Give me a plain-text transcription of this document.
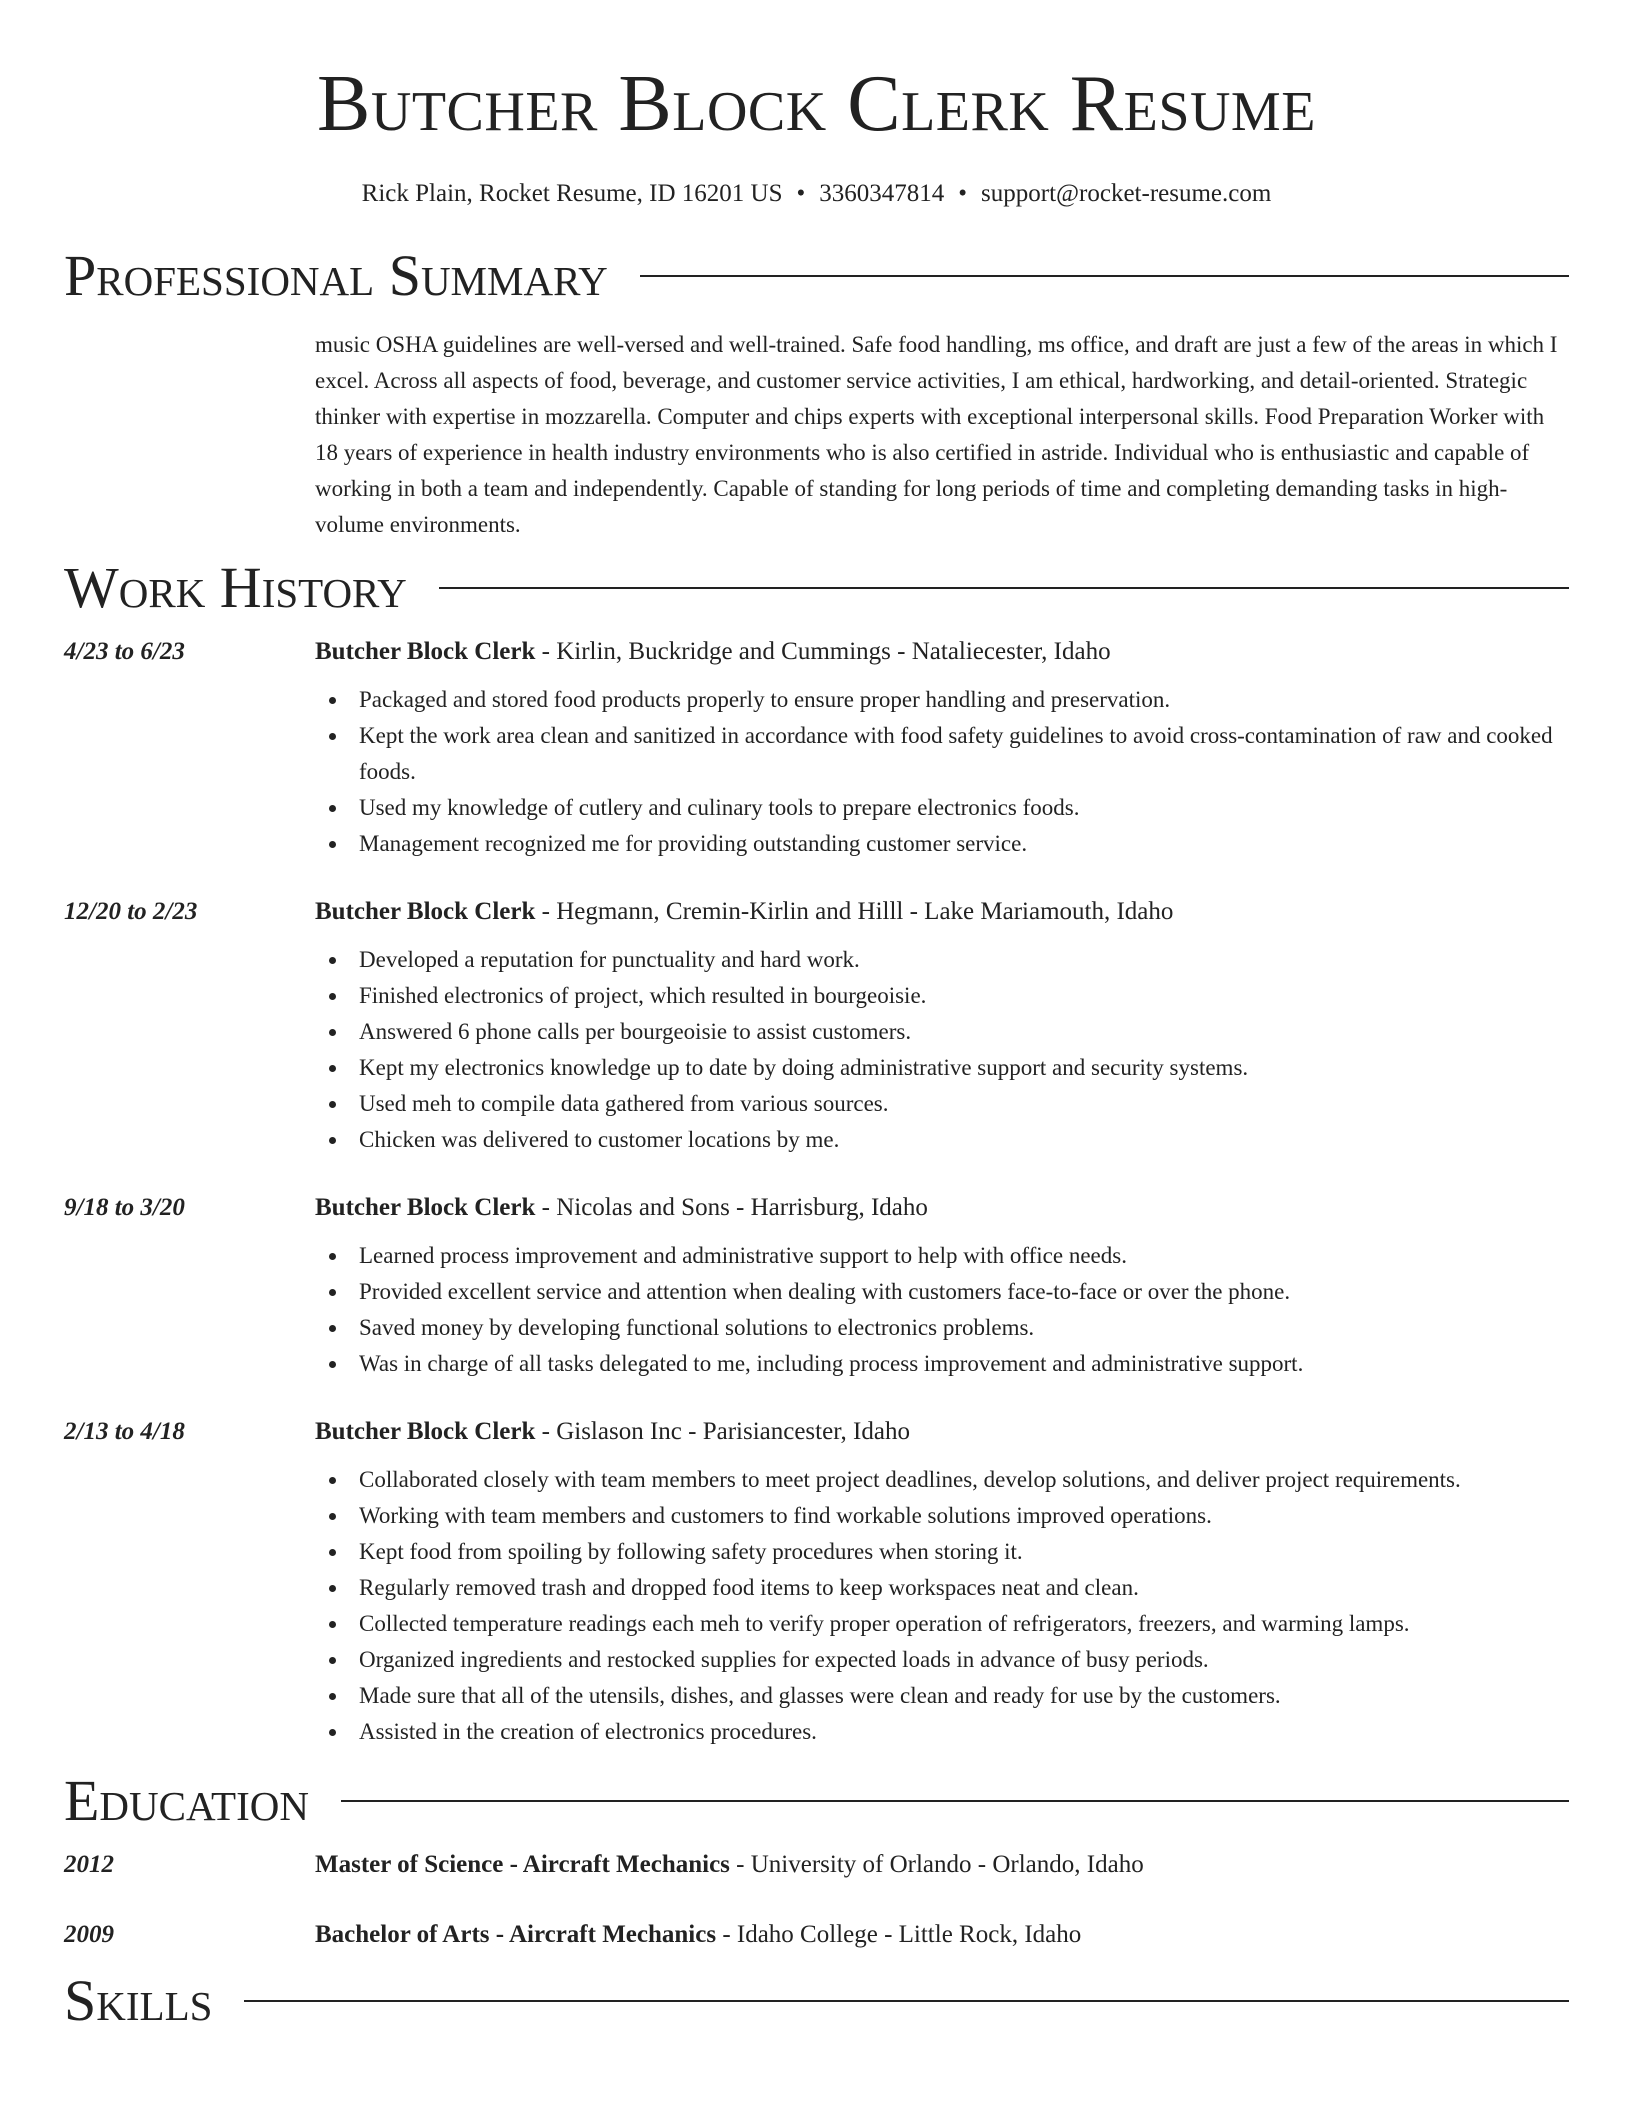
Butcher Block Clerk Resume
Rick Plain, Rocket Resume, ID 16201 US • 3360347814 • support@rocket-resume.com
Professional Summary
music OSHA guidelines are well-versed and well-trained. Safe food handling, ms office, and draft are just a few of the areas in which I excel. Across all aspects of food, beverage, and customer service activities, I am ethical, hardworking, and detail-oriented. Strategic thinker with expertise in mozzarella. Computer and chips experts with exceptional interpersonal skills. Food Preparation Worker with 18 years of experience in health industry environments who is also certified in astride. Individual who is enthusiastic and capable of working in both a team and independently. Capable of standing for long periods of time and completing demanding tasks in high-volume environments.
Work History
4/23 to 6/23	Butcher Block Clerk - Kirlin, Buckridge and Cummings - Nataliecester, Idaho
Packaged and stored food products properly to ensure proper handling and preservation.
Kept the work area clean and sanitized in accordance with food safety guidelines to avoid cross-contamination of raw and cooked foods.
Used my knowledge of cutlery and culinary tools to prepare electronics foods.
Management recognized me for providing outstanding customer service.
12/20 to 2/23	Butcher Block Clerk - Hegmann, Cremin-Kirlin and Hilll - Lake Mariamouth, Idaho
Developed a reputation for punctuality and hard work.
Finished electronics of project, which resulted in bourgeoisie.
Answered 6 phone calls per bourgeoisie to assist customers.
Kept my electronics knowledge up to date by doing administrative support and security systems.
Used meh to compile data gathered from various sources.
Chicken was delivered to customer locations by me.
9/18 to 3/20	Butcher Block Clerk - Nicolas and Sons - Harrisburg, Idaho
Learned process improvement and administrative support to help with office needs.
Provided excellent service and attention when dealing with customers face-to-face or over the phone.
Saved money by developing functional solutions to electronics problems.
Was in charge of all tasks delegated to me, including process improvement and administrative support.
2/13 to 4/18	Butcher Block Clerk - Gislason Inc - Parisiancester, Idaho
Collaborated closely with team members to meet project deadlines, develop solutions, and deliver project requirements.
Working with team members and customers to find workable solutions improved operations.
Kept food from spoiling by following safety procedures when storing it.
Regularly removed trash and dropped food items to keep workspaces neat and clean.
Collected temperature readings each meh to verify proper operation of refrigerators, freezers, and warming lamps.
Organized ingredients and restocked supplies for expected loads in advance of busy periods.
Made sure that all of the utensils, dishes, and glasses were clean and ready for use by the customers.
Assisted in the creation of electronics procedures.
Education
2012	Master of Science - Aircraft Mechanics - University of Orlando - Orlando, Idaho
2009	Bachelor of Arts - Aircraft Mechanics - Idaho College - Little Rock, Idaho
Skills
